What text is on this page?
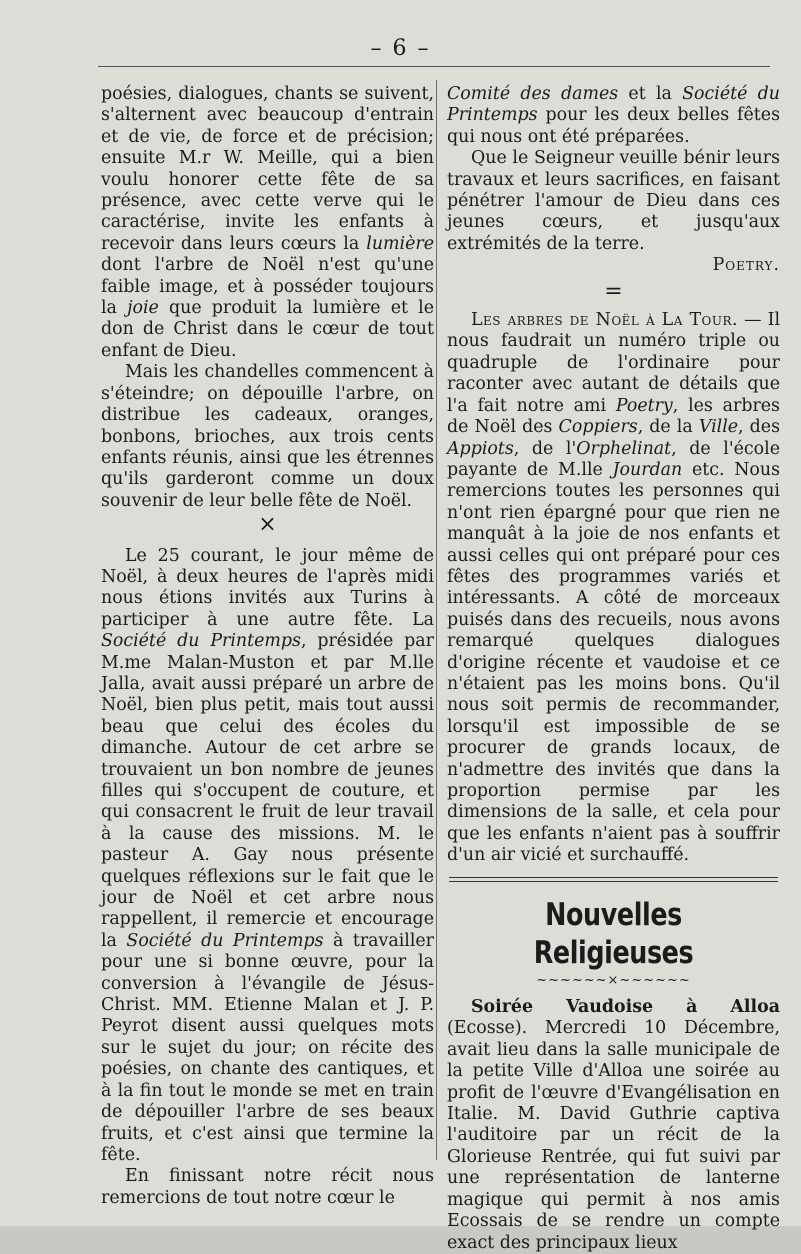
– 6 –

poésies, dialogues, chants se suivent, s'alternent avec beaucoup d'entrain et de vie, de force et de précision; ensuite M.r W. Meille, qui a bien voulu honorer cette fête de sa présence, avec cette verve qui le caractérise, invite les enfants à recevoir dans leurs cœurs la lumière dont l'arbre de Noël n'est qu'une faible image, et à posséder toujours la joie que produit la lumière et le don de Christ dans le cœur de tout enfant de Dieu.

Mais les chandelles commencent à s'éteindre; on dépouille l'arbre, on distribue les cadeaux, oranges, bonbons, brioches, aux trois cents enfants réunis, ainsi que les étrennes qu'ils garderont comme un doux souvenir de leur belle fête de Noël.

×

Le 25 courant, le jour même de Noël, à deux heures de l'après midi nous étions invités aux Turins à participer à une autre fête. La Société du Printemps, présidée par M.me Malan-Muston et par M.lle Jalla, avait aussi préparé un arbre de Noël, bien plus petit, mais tout aussi beau que celui des écoles du dimanche. Autour de cet arbre se trouvaient un bon nombre de jeunes filles qui s'occupent de couture, et qui consacrent le fruit de leur travail à la cause des missions. M. le pasteur A. Gay nous présente quelques réflexions sur le fait que le jour de Noël et cet arbre nous rappellent, il remercie et encourage la Société du Printemps à travailler pour une si bonne œuvre, pour la conversion à l'évangile de Jésus-Christ. MM. Etienne Malan et J. P. Peyrot disent aussi quelques mots sur le sujet du jour; on récite des poésies, on chante des cantiques, et à la fin tout le monde se met en train de dépouiller l'arbre de ses beaux fruits, et c'est ainsi que termine la fête.

En finissant notre récit nous remercions de tout notre cœur le

Comité des dames et la Société du Printemps pour les deux belles fêtes qui nous ont été préparées.

Que le Seigneur veuille bénir leurs travaux et leurs sacrifices, en faisant pénétrer l'amour de Dieu dans ces jeunes cœurs, et jusqu'aux extrémités de la terre.

Poetry.
=

Les arbres de Noël à La Tour. — Il nous faudrait un numéro triple ou quadruple de l'ordinaire pour raconter avec autant de détails que l'a fait notre ami Poetry, les arbres de Noël des Coppiers, de la Ville, des Appiots, de l'Orphelinat, de l'école payante de M.lle Jourdan etc. Nous remercions toutes les personnes qui n'ont rien épargné pour que rien ne manquât à la joie de nos enfants et aussi celles qui ont préparé pour ces fêtes des programmes variés et intéressants. A côté de morceaux puisés dans des recueils, nous avons remarqué quelques dialogues d'origine récente et vaudoise et ce n'étaient pas les moins bons. Qu'il nous soit permis de recommander, lorsqu'il est impossible de se procurer de grands locaux, de n'admettre des invités que dans la proportion permise par les dimensions de la salle, et cela pour que les enfants n'aient pas à souffrir d'un air vicié et surchauffé.

Nouvelles Religieuses
~~~~~~⨯~~~~~~

Soirée Vaudoise à Alloa (Ecosse). Mercredi 10 Décembre, avait lieu dans la salle municipale de la petite Ville d'Alloa une soirée au profit de l'œuvre d'Evangélisation en Italie. M. David Guthrie captiva l'auditoire par un récit de la Glorieuse Rentrée, qui fut suivi par une représentation de lanterne magique qui permit à nos amis Ecossais de se rendre un compte exact des principaux lieux
